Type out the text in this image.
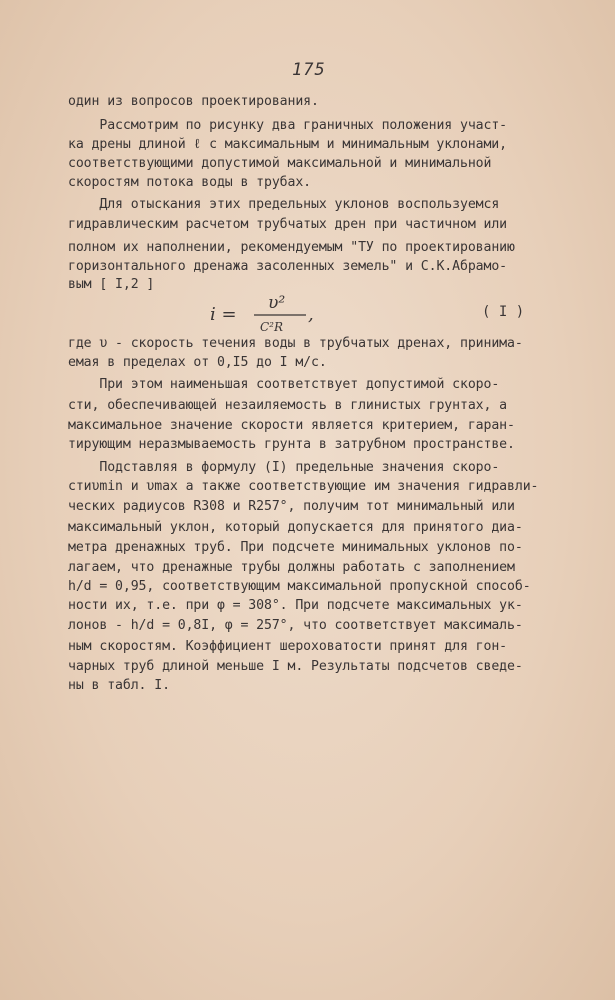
175
один из вопросов проектирования.
Рассмотрим по рисунку два граничных положения участ-
ка дрены длиной ℓ с максимальным и минимальным уклонами,
соответствующими допустимой максимальной и минимальной
скоростям потока воды в трубах.
Для отыскания этих предельных уклонов воспользуемся
гидравлическим расчетом трубчатых дрен при частичном или
полном их наполнении, рекомендуемым "ТУ по проектированию
горизонтального дренажа засоленных земель" и С.К.Абрамо-
вым [ I,2 ]
i =
υ²
C²R
,	( I )
где υ - скорость течения воды в трубчатых дренах, принима-
емая в пределах от 0,I5 до I м/с.
При этом наименьшая соответствует допустимой скоро-
сти, обеспечивающей незаиляемость в глинистых грунтах, а
максимальное значение скорости является критерием, гаран-
тирующим неразмываемость грунта в затрубном пространстве.
Подставляя в формулу (I) предельные значения скоро-
стиυmin и υmax а также соответствующие им значения гидравли-
ческих радиусов R308 и R257°, получим тот минимальный или
максимальный уклон, который допускается для принятого диа-
метра дренажных труб. При подсчете минимальных уклонов по-
лагаем, что дренажные трубы должны работать с заполнением
h/d = 0,95, соответствующим максимальной пропускной способ-
ности их, т.е. при φ = 308°. При подсчете максимальных ук-
лонов - h/d = 0,8I, φ = 257°, что соответствует максималь-
ным скоростям. Коэффициент шероховатости принят для гон-
чарных труб длиной меньше I м. Результаты подсчетов сведе-
ны в табл. I.
